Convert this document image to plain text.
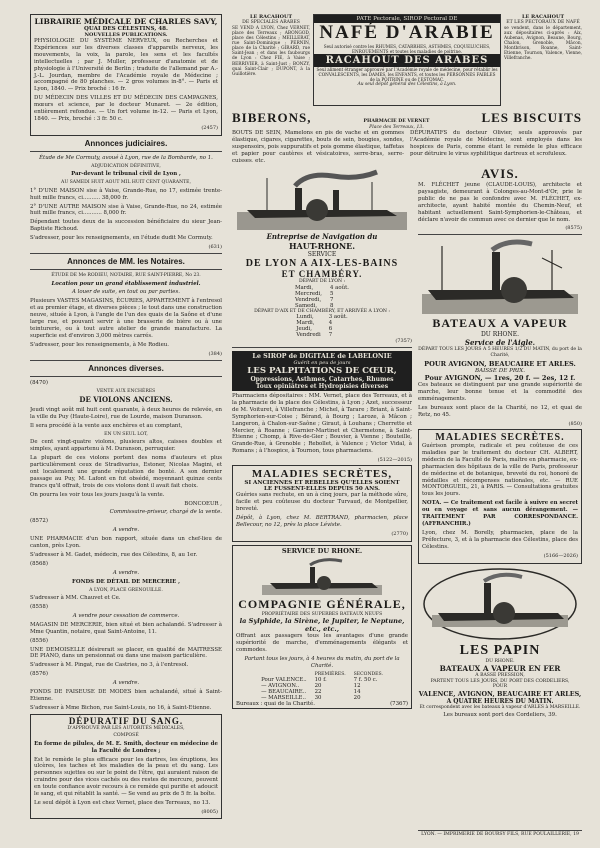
LIBRAIRIE MÉDICALE DE CHARLES SAVY,
QUAI DES CÉLESTINS, 48.
NOUVELLES PUBLICATIONS.

PHYSIOLOGIE DU SYSTÈME NERVEUX, ou Recherches et Expériences sur les diverses classes d'appareils nerveux, les mouvements, la voix, la parole, les sens et les facultés intellectuelles ; par J. Muller, professeur d'anatomie et de physiologie à l'Université de Berlin ; traduite de l'allemand par A.-J.-L. Jourdan, membre de l'Académie royale de Médecine ; accompagné de 80 planches. — 2 gros volumes in-8°. — Paris et Lyon, 1840. — Prix broché : 16 fr.

DU MÉDECIN DES VILLES ET DU MÉDECIN DES CAMPAGNES, mœurs et science, par le docteur Munaret. — 2e édition, entièrement refondue. — Un fort volume in-12. — Paris et Lyon, 1840. — Prix, broché : 3 fr. 50 c.

(2457)
Annonces judiciaires.

Étude de Me Cormuty, avoué à Lyon, rue de la Bombarde, no 1.

ADJUDICATION DÉFINITIVE,

Par-devant le tribunal civil de Lyon ,

AU SAMEDI HUIT AOUT MIL HUIT CENT QUARANTE,

1° D'UNE MAISON sise à Vaise, Grande-Rue, no 17, estimée trente-huit mille francs, ci.......... 38,000 fr.

2° D'UNE AUTRE MAISON sise à Vaise, Grande-Rue, no 24, estimée huit mille francs, ci........... 8,000 fr.

Dépendant toutes deux de la succession bénéficiaire du sieur Jean-Baptiste Richoud.

S'adresser, pour les renseignements, en l'étude dudit Me Cormuty.

(631)
Annonces de MM. les Notaires.

ÉTUDE DE Me RODIEU, NOTAIRE, RUE SAINT-PIERRE, No 23.

Location pour un grand établissement industriel.

A louer de suite, en tout ou par parties.

Plusieurs VASTES MAGASINS, ÉCURIES, APPARTEMENT à l'entresol et au premier étage, et diverses pièces ; le tout dans une construction neuve, située à Lyon, à l'angle de l'un des quais de la Saône et d'une large rue, et pouvant servir à une brasserie de bière ou à une teinturerie, ou à tout autre atelier de grande manufacture. La superficie est d'environ 3,000 mètres carrés.

S'adresser, pour les renseignements, à Me Rodieu.

(384)
Annonces diverses.

(8470)

VENTE AUX ENCHÈRES

DE VIOLONS ANCIENS.

Jeudi vingt août mil huit cent quarante, à deux heures de relevée, en la ville du Puy (Haute-Loire), rue de Lourde, maison Duranson.

Il sera procédé à la vente aux enchères et au comptant,

EN UN SEUL LOT,

De cent vingt-quatre violons, plusieurs altos, caisses doubles et simples, ayant appartenu à M. Duranson, perruquier.

La plupart de ces violons portent des noms d'auteurs et plus particulièrement ceux de Stradivarius, Estoner, Nicolas Magini, et ont localement une grande réputation de bonté. A son dernier passage au Puy, M. Lafont en fut obsédé, moyennant quinze cents francs qu'il offrait, trois de ces violons dont il avait fait choix.

On pourra les voir tous les jours jusqu'à la vente.

BONCOEUR ,

Commissaire-priseur, chargé de la vente.

(8572)

A vendre.

UNE PHARMACIE d'un bon rapport, située dans un chef-lieu de canton, près Lyon.

S'adresser à M. Gadet, médecin, rue des Célestins, 8, au 1er.

(8568)

A vendre.

FONDS DE DÉTAIL DE MERCERIE ,

A LYON, PLACE GRENOUILLE.

S'adresser à MM. Chauvet et Ce.

(8558)

A vendre pour cessation de commerce.

MAGASIN DE MERCERIE, bien situé et bien achalandé. S'adresser à Mme Quantin, notaire, quai Saint-Antoine, 11.

(8556)

UNE DEMOISELLE désirerait se placer, en qualité de MAITRESSE DE PIANO, dans un pensionnat ou dans une maison particulière.

S'adresser à M. Pingat, rue de Castries, no 3, à l'entresol.

(8576)

A vendre.

FONDS DE FAISEUSE DE MODES bien achalandé, situé à Saint-Etienne.

S'adresser à Mme Bichon, rue Saint-Louis, no 16, à Saint-Etienne.

DÉPURATIF DU SANG.

D'APPROUVÉ PAR LES AUTORITÉS MÉDICALES,

COMPOSÉ

En forme de pilules, de M. E. Smith, docteur en médecine de la Faculté de Londres ;

Est le remède le plus efficace pour les dartres, les éruptions, les ulcères, les taches et les maladies de la peau et du sang. Les personnes sujettes ou sur le point de l'être, qui auraient raison de craindre pour des vices cachés ou des restes de mercure, peuvent en toute confiance avoir recours à ce remède qui purifie et adoucit le sang, et qui rétablit la santé. — Se vend au prix de 5 fr. la boîte.

Le seul dépôt à Lyon est chez Vernet, place des Terreaux, no 13.

(8005)
LE RACAHOUT
DE SPECIALES ARABES

SE VEND A LYON, Chez VERNET, place des Terreaux ; ABONGOD, place des Célestins ; MEILLERAT, rue Saint-Dominique ; PERNIN, place de la Charité ; GIRARD, rue Saint-Jean ; et dans les faubourgs de Lyon : Chez FIE, à Vaise ; BERRIVIER, à Saint-Just ; BONZY, quai Saint-Clair ; DUPONT, à la Guillotière.

PATE Pectorale, SIROP Pectoral DE
NAFÉ D'ARABIE

Seul autorisé contre les RHUMES, CATARRHES, ASTHMES, COQUELUCHES, ENROUEMENTS et toutes les maladies de poitrine.

RACAHOUT DES ARABES

Seul aliment étranger approuvé par l'Académie royale de médecine, pour rétablir les CONVALESCENTS, les DAMES, les ENFANTS, et toutes les PERSONNES FAIBLES de la POITRINE ou de l'ESTOMAC.

Au seul dépôt général des Célestins, à Lyon.

LE RACAHOUT
ET LES PECTORAUX DE NAFÉ

se vendent, dans le département, aux dépositaires ci-après : Aix, Aubenas, Avignon, Beaune, Bourg, Chalon, Grenoble, Mâcon, Montbrison, Roanne, Saint-Etienne, Tournon, Valence, Vienne, Villefranche.

BIBERONS,	PHARMACIE DE VERNET
Place des Terreaux, 13.
LES BISCUITS

BOUTS DE SEIN, Mamelons en pis de vache et en gommes élastique, cigares, cigarettes, bouts de sein, bougies, sondes, suspensoirs, pois suppuratifs et pois gomme élastique, taffetas et papier pour cautères et vésicatoires, serre-bras, serre-cuisses, etc.

DÉPURATIFS du docteur Olivier, seuls approuvés par l'Académie royale de Médecine, sont employés dans les hospices de Paris, comme étant le remède le plus efficace pour détruire le virus syphilitique dartreux et scrofuleux.

Entreprise de Navigation du
HAUT-RHONE.
SERVICE
DE LYON A AIX-LES-BAINS
ET CHAMBÉRY.
DÉPART DE LYON :
Mardi,	4 août.
Mercredi,	5
Vendredi,	7
Samedi,	8
DÉPART D'AIX ET DE CHAMBÉRY, ET ARRIVÉE A LYON :
Lundi,	3 août.
Mardi,	4
Jeudi,	6
Vendredi	7
(7357)
Le SIROP de DIGITALE de LABELONIE
Guérit en peu de jours
LES PALPITATIONS DE CŒUR,
Oppressions, Asthmes, Catarrhes, Rhumes
Toux opiniâtres et Hydropisies diverses

Pharmaciens dépositaires : MM. Vernet, place des Terreaux, et à la pharmacie de la place des Célestins, à Lyon ; Azet, successeur de M. Voituret, à Villefranche ; Michel, à Tarare ; Briant, à Saint-Symphorien-sur-Coise ; Bérand, à Bourg ; Laroze, à Mâcon ; Langeron, à Chalon-sur-Saône ; Giraut, à Louhans ; Cherrette et Mercier, à Roanne ; Garnier-Martinet et Chermetone, à Saint-Étienne ; Chomp, à Rive-de-Gier ; Bouvier, à Vienne ; Bouteille, Grande-Rue, à Grenoble ; Rebollet, à Valence ; Victor Vidal, à Romans ; à l'hospice, à Tournon, tous pharmaciens.

(5122—2015)
MALADIES SECRÈTES,
SI ANCIENNES ET REBELLES QU'ELLES SOIENT
LE FUSSENT-ELLES DEPUIS 50 ANS.

Guéries sans rechute, en un à cinq jours, par la méthode sûre, facile et peu coûteuse du docteur Turvaud, de Montpellier, breveté.

Dépôt, à Lyon, chez M. BERTRAND, pharmacien, place Bellecour, no 12, près la place Léviste.

(2770)
SERVICE DU RHONE.
COMPAGNIE GÉNÉRALE,
PROPRIÉTAIRE DES SUPERBES BATEAUX NEUFS
la Sylphide, la Sirène, le Jupiter, le Neptune, etc., etc.,

Offrant aux passagers tous les avantages d'une grande supériorité de marche, d'emménagements élégants et commodes.

Partant tous les jours, à 4 heures du matin, du port de la Charité.

	PREMIÈRES.	SECONDES.
Pour VALENCE..	10 f.	7 f. 50 c.
— AVIGNON..	20	12
— BEAUCAIRE..	22	14
— MARSEILLE..	30	20
Bureaux : quai de la Charité.	(7367)
AVIS.

M. FLÉCHET jeune (CLAUDE-LOUIS), architecte et paysagiste, demeurant à Colonges-au-Mont-d'Or, prie le public de ne pas le confondre avec M. FLÉCHET, ex-architecte, ayant habité montée du Chemin-Neuf, et habitant actuellement Saint-Symphorien-le-Château, et déclare n'avoir de commun avec ce dernier que le nom.

(8575)
BATEAUX A VAPEUR
DU RHONE.
Service de l'Aigle.

DÉPART TOUS LES JOURS A 5 HEURES 1/2 DU MATIN, du port de la Charité,

POUR AVIGNON, BEAUCAIRE ET ARLES.
BAISSE DE PRIX.
Pour AVIGNON, — 1res, 20 f. — 2es, 12 f.

Ces bateaux se distinguent par une grande supériorité de marche, leur bonne tenue et la commodité des emménagements.

Les bureaux sont place de la Charité, no 12, et quai de Retz, no 45.

(850)
MALADIES SECRÈTES.

Guérison prompte, radicale et peu coûteuse de ces maladies par le traitement du docteur CH. ALBERT, médecin de la Faculté de Paris, maître en pharmacie, ex-pharmacien des hôpitaux de la ville de Paris, professeur de médecine et de botanique, breveté du roi, honoré de médailles et récompenses nationales, etc. — RUE MONTORGUEIL, 21, à PARIS. — Consultations gratuites tous les jours.

NOTA. — Ce traitement est facile à suivre en secret ou en voyage et sans aucun dérangement. — TRAITEMENT PAR CORRESPONDANCE. (AFFRANCHIR.)

Lyon, chez M. Borelly, pharmacien, place de la Préfecture, 3, et à la pharmacie des Célestins, place des Célestins.

(5166—2026)
LES PAPIN
DU RHONE.
BATEAUX A VAPEUR EN FER
A BASSE PRESSION,
PARTENT TOUS LES JOURS, DU PORT DES CORDELIERS,
POUR
VALENCE, AVIGNON, BEAUCAIRE ET ARLES,
A QUATRE HEURES DU MATIN.

Et correspondent avec les bateaux à vapeur d'ARLES à MARSEILLE.

Les bureaux sont port des Cordeliers, 39.

LYON. — IMPRIMERIE DE BOURSY FILS, RUE POULAILLERIE, 19
